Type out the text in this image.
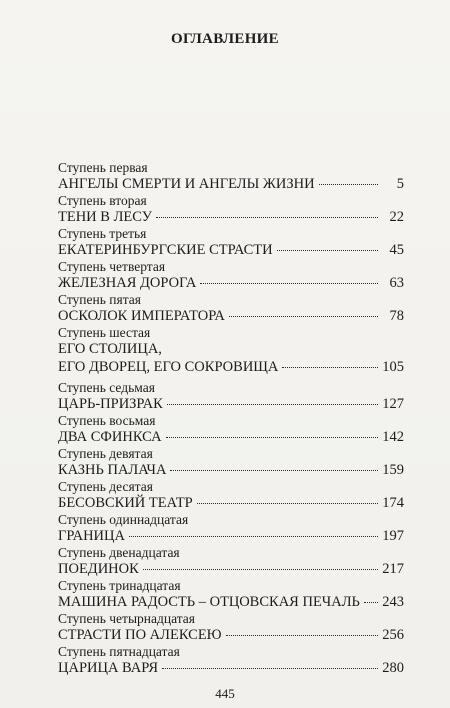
ОГЛАВЛЕНИЕ
Ступень первая
АНГЕЛЫ СМЕРТИ И АНГЕЛЫ ЖИЗНИ	5
Ступень вторая
ТЕНИ В ЛЕСУ	22
Ступень третья
ЕКАТЕРИНБУРГСКИЕ СТРАСТИ	45
Ступень четвертая
ЖЕЛЕЗНАЯ ДОРОГА	63
Ступень пятая
ОСКОЛОК ИМПЕРАТОРА	78
Ступень шестая
ЕГО СТОЛИЦА,
ЕГО ДВОРЕЦ, ЕГО СОКРОВИЩА	105
Ступень седьмая
ЦАРЬ-ПРИЗРАК	127
Ступень восьмая
ДВА СФИНКСА	142
Ступень девятая
КАЗНЬ ПАЛАЧА	159
Ступень десятая
БЕСОВСКИЙ ТЕАТР	174
Ступень одиннадцатая
ГРАНИЦА	197
Ступень двенадцатая
ПОЕДИНОК	217
Ступень тринадцатая
МАШИНА РАДОСТЬ – ОТЦОВСКАЯ ПЕЧАЛЬ 243
Ступень четырнадцатая
СТРАСТИ ПО АЛЕКСЕЮ	256
Ступень пятнадцатая
ЦАРИЦА ВАРЯ	280
445
